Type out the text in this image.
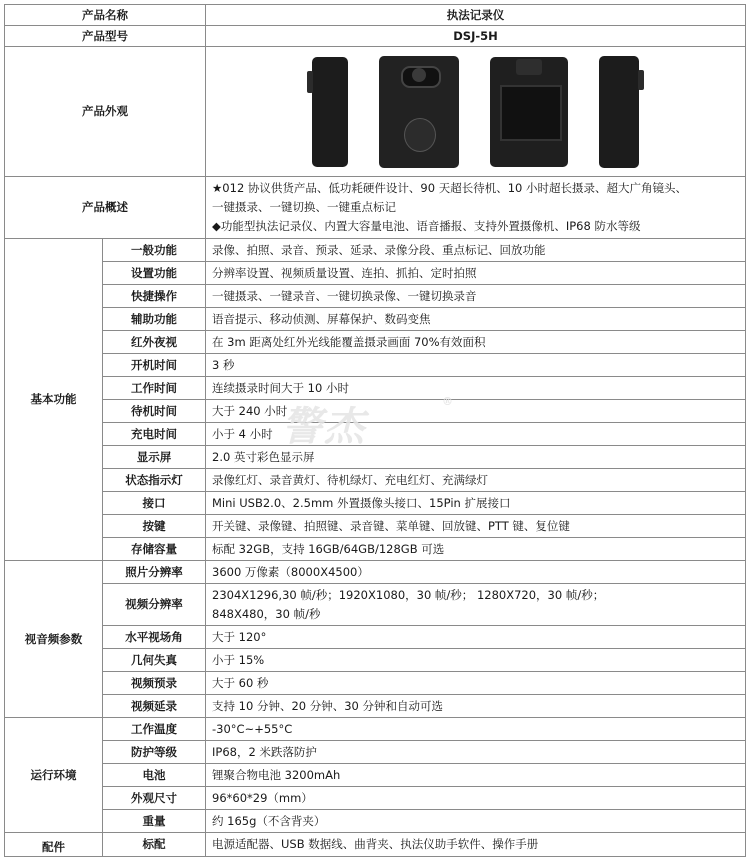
产品名称		执法记录仪
产品型号		DSJ-5H
产品外观		

产品概述		★012 协议供货产品、低功耗硬件设计、90 天超长待机、10 小时超长摄录、超大广角镜头、
一键摄录、一键切换、一键重点标记
◆功能型执法记录仪、内置大容量电池、语音播报、支持外置摄像机、IP68 防水等级

基本功能	一般功能	录像、拍照、录音、预录、延录、录像分段、重点标记、回放功能
	设置功能	分辨率设置、视频质量设置、连拍、抓拍、定时拍照
	快捷操作	一键摄录、一键录音、一键切换录像、一键切换录音
	辅助功能	语音提示、移动侦测、屏幕保护、数码变焦
	红外夜视	在 3m 距离处红外光线能覆盖摄录画面 70%有效面积
	开机时间	3 秒
	工作时间	连续摄录时间大于 10 小时
	待机时间	大于 240 小时
	充电时间	小于 4 小时
	显示屏	2.0 英寸彩色显示屏
	状态指示灯	录像红灯、录音黄灯、待机绿灯、充电红灯、充满绿灯
	接口	Mini USB2.0、2.5mm 外置摄像头接口、15Pin 扩展接口
	按键	开关键、录像键、拍照键、录音键、菜单键、回放键、PTT 键、复位键
	存储容量	标配 32GB，支持 16GB/64GB/128GB 可选
视音频参数	照片分辨率	3600 万像素（8000X4500）
	视频分辨率	2304X1296,30 帧/秒；1920X1080，30 帧/秒； 1280X720，30 帧/秒；
848X480，30 帧/秒

	水平视场角	大于 120°
	几何失真	小于 15%
	视频预录	大于 60 秒
	视频延录	支持 10 分钟、20 分钟、30 分钟和自动可选
运行环境	工作温度	-30°C~+55°C
	防护等级	IP68，2 米跌落防护
	电池	锂聚合物电池 3200mAh
	外观尺寸	96*60*29（mm）
	重量	约 165g（不含背夹）
配件	标配	电源适配器、USB 数据线、曲背夹、执法仪助手软件、操作手册
警杰
®
